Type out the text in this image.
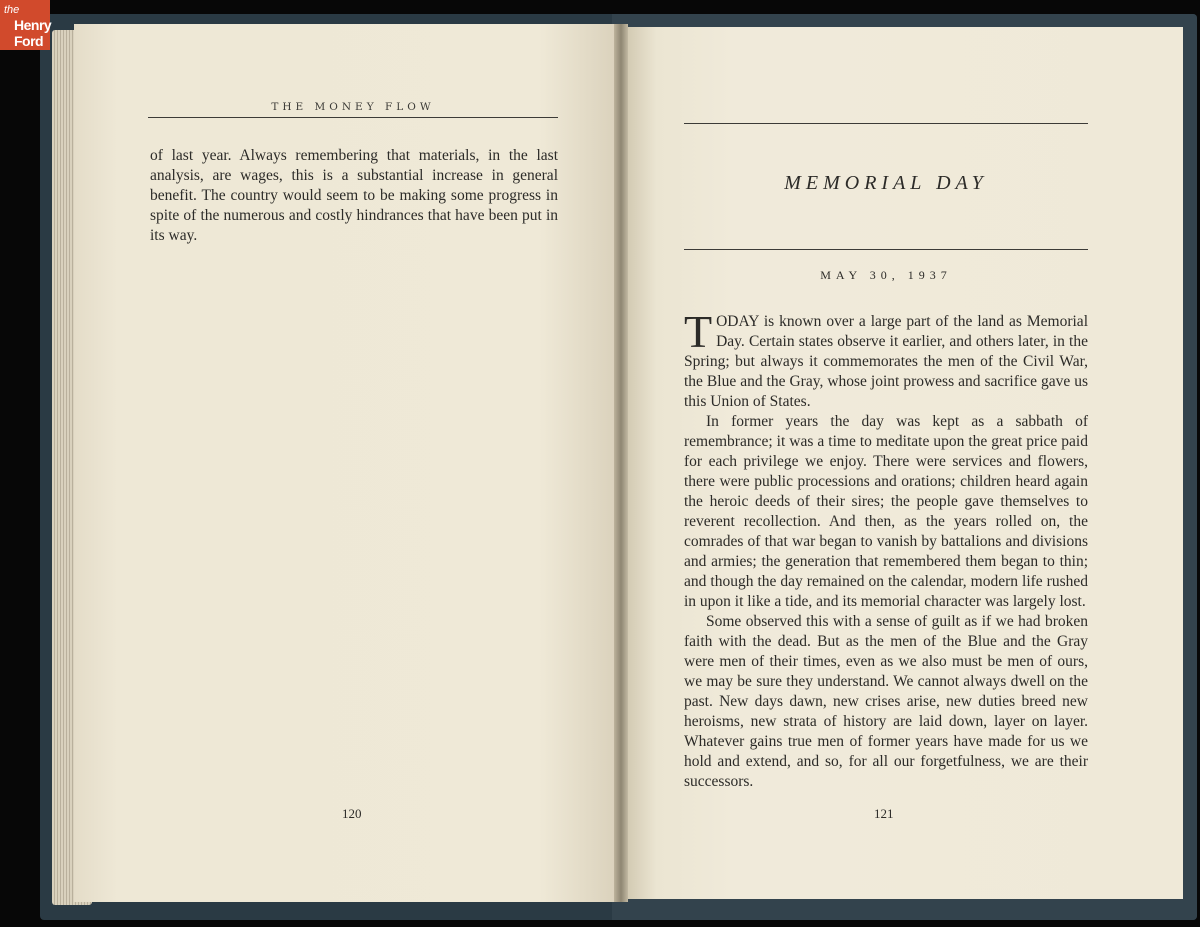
the
Henry
Ford
THE MONEY FLOW

of last year. Always remembering that materials, in the last analysis, are wages, this is a substantial increase in general benefit. The country would seem to be making some progress in spite of the numerous and costly hindrances that have been put in its way.

120
MEMORIAL DAY
MAY 30, 1937

TODAY is known over a large part of the land as Memorial Day. Certain states observe it earlier, and others later, in the Spring; but always it commemorates the men of the Civil War, the Blue and the Gray, whose joint prowess and sacrifice gave us this Union of States.

In former years the day was kept as a sabbath of remembrance; it was a time to meditate upon the great price paid for each privilege we enjoy. There were services and flowers, there were public processions and orations; children heard again the heroic deeds of their sires; the people gave themselves to reverent recollection. And then, as the years rolled on, the comrades of that war began to vanish by battalions and divisions and armies; the generation that remembered them began to thin; and though the day remained on the calendar, modern life rushed in upon it like a tide, and its memorial character was largely lost.

Some observed this with a sense of guilt as if we had broken faith with the dead. But as the men of the Blue and the Gray were men of their times, even as we also must be men of ours, we may be sure they understand. We cannot always dwell on the past. New days dawn, new crises arise, new duties breed new heroisms, new strata of history are laid down, layer on layer. Whatever gains true men of former years have made for us we hold and extend, and so, for all our forgetfulness, we are their successors.

121
